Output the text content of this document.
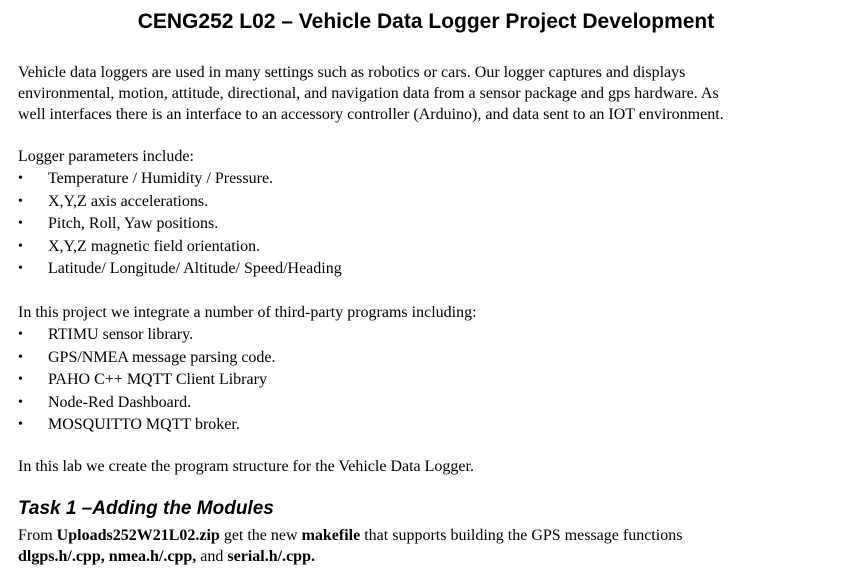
CENG252 L02 – Vehicle Data Logger Project Development
Vehicle data loggers are used in many settings such as robotics or cars. Our logger captures and displays
environmental, motion, attitude, directional, and navigation data from a sensor package and gps hardware. As
well interfaces there is an interface to an accessory controller (Arduino), and data sent to an IOT environment.
Logger parameters include:
•	Temperature / Humidity / Pressure.
•	X,Y,Z axis accelerations.
•	Pitch, Roll, Yaw positions.
•	X,Y,Z magnetic field orientation.
•	Latitude/ Longitude/ Altitude/ Speed/Heading
In this project we integrate a number of third-party programs including:
•	RTIMU sensor library.
•	GPS/NMEA message parsing code.
•	PAHO C++ MQTT Client Library
•	Node-Red Dashboard.
•	MOSQUITTO MQTT broker.
In this lab we create the program structure for the Vehicle Data Logger.
Task 1 –Adding the Modules
From Uploads252W21L02.zip get the new makefile that supports building the GPS message functions
dlgps.h/.cpp, nmea.h/.cpp, and serial.h/.cpp.
